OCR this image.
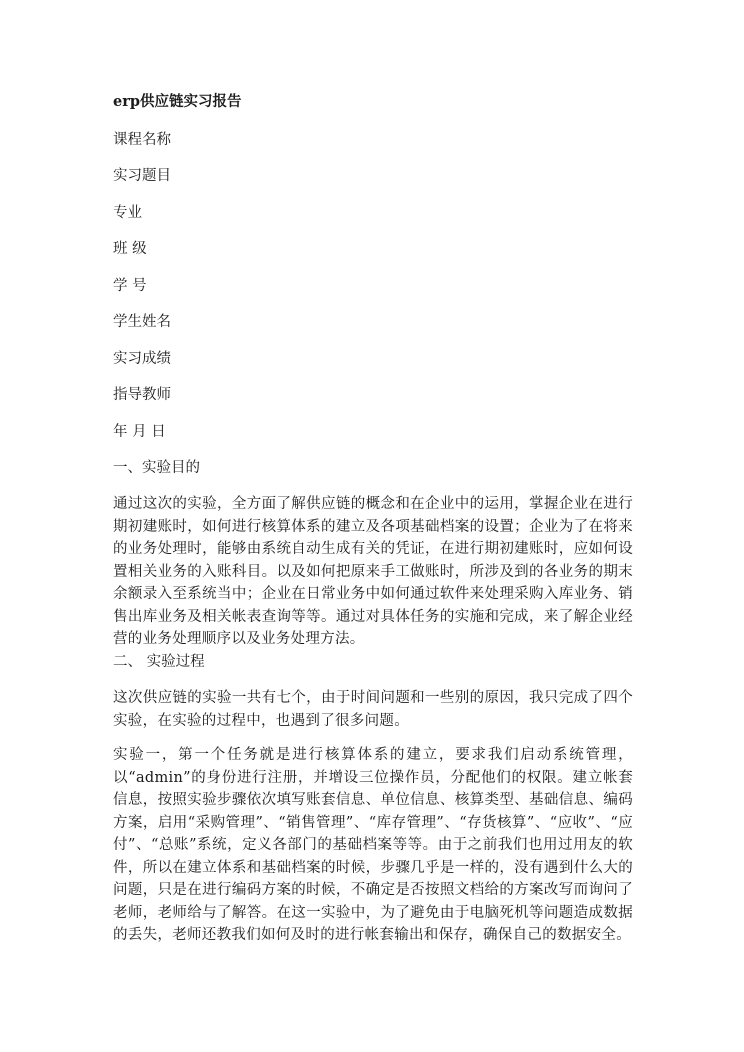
erp供应链实习报告
课程名称
实习题目
专业
班 级
学 号
学生姓名
实习成绩
指导教师
年 月 日
一、实验目的
通过这次的实验，全方面了解供应链的概念和在企业中的运用，掌握企业在进行期初建账时，如何进行核算体系的建立及各项基础档案的设置；企业为了在将来的业务处理时，能够由系统自动生成有关的凭证，在进行期初建账时，应如何设置相关业务的入账科目。以及如何把原来手工做账时，所涉及到的各业务的期末余额录入至系统当中；企业在日常业务中如何通过软件来处理采购入库业务、销售出库业务及相关帐表查询等等。通过对具体任务的实施和完成，来了解企业经营的业务处理顺序以及业务处理方法。
二、 实验过程
这次供应链的实验一共有七个，由于时间问题和一些别的原因，我只完成了四个实验，在实验的过程中，也遇到了很多问题。
实验一，第一个任务就是进行核算体系的建立，要求我们启动系统管理，以“admin”的身份进行注册，并增设三位操作员，分配他们的权限。建立帐套信息，按照实验步骤依次填写账套信息、单位信息、核算类型、基础信息、编码方案，启用“采购管理”、“销售管理”、“库存管理”、“存货核算”、“应收”、“应付”、“总账”系统，定义各部门的基础档案等等。由于之前我们也用过用友的软件，所以在建立体系和基础档案的时候，步骤几乎是一样的，没有遇到什么大的问题，只是在进行编码方案的时候，不确定是否按照文档给的方案改写而询问了老师，老师给与了解答。在这一实验中，为了避免由于电脑死机等问题造成数据的丢失，老师还教我们如何及时的进行帐套输出和保存，确保自己的数据安全。
